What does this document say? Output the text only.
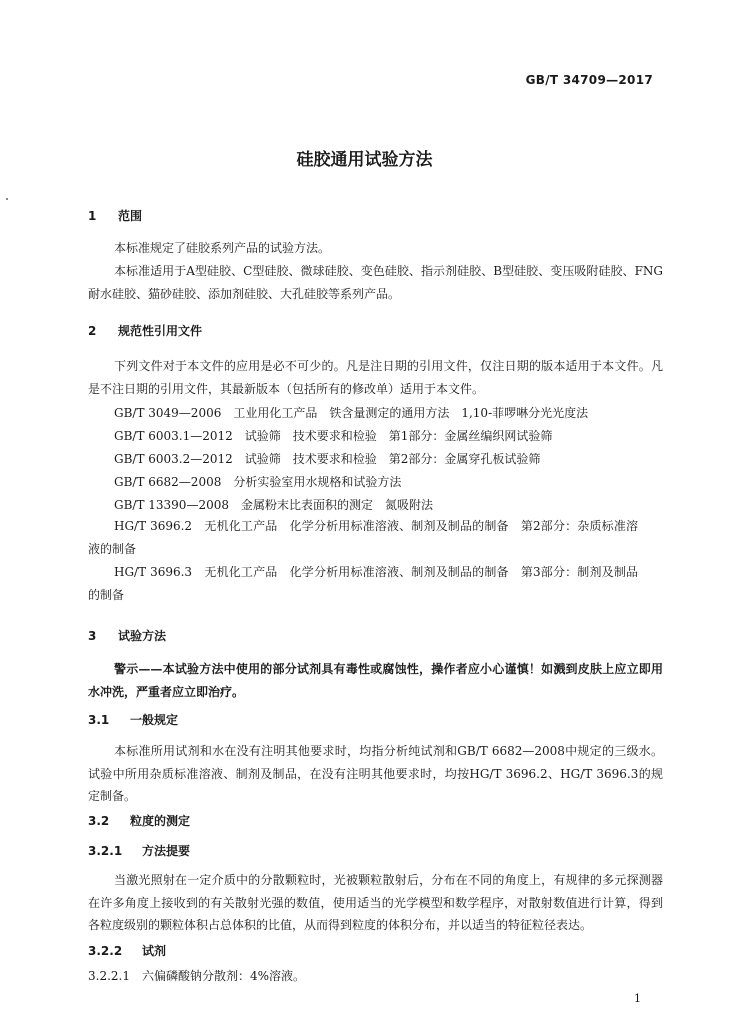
GB/T 34709—2017
硅胶通用试验方法
1 范围
本标准规定了硅胶系列产品的试验方法。
本标准适用于A型硅胶、C型硅胶、微球硅胶、变色硅胶、指示剂硅胶、B型硅胶、变压吸附硅胶、FNG耐水硅胶、猫砂硅胶、添加剂硅胶、大孔硅胶等系列产品。
2 规范性引用文件
下列文件对于本文件的应用是必不可少的。凡是注日期的引用文件，仅注日期的版本适用于本文件。凡是不注日期的引用文件，其最新版本（包括所有的修改单）适用于本文件。
GB/T 3049—2006　工业用化工产品　铁含量测定的通用方法　1,10-菲啰啉分光光度法
GB/T 6003.1—2012　试验筛　技术要求和检验　第1部分：金属丝编织网试验筛
GB/T 6003.2—2012　试验筛　技术要求和检验　第2部分：金属穿孔板试验筛
GB/T 6682—2008　分析实验室用水规格和试验方法
GB/T 13390—2008　金属粉末比表面积的测定　氮吸附法
HG/T 3696.2　无机化工产品　化学分析用标准溶液、制剂及制品的制备　第2部分：杂质标准溶液的制备
HG/T 3696.3　无机化工产品　化学分析用标准溶液、制剂及制品的制备　第3部分：制剂及制品的制备
3 试验方法
警示——本试验方法中使用的部分试剂具有毒性或腐蚀性，操作者应小心谨慎！如溅到皮肤上应立即用水冲洗，严重者应立即治疗。
3.1 一般规定
本标准所用试剂和水在没有注明其他要求时，均指分析纯试剂和GB/T 6682—2008中规定的三级水。试验中所用杂质标准溶液、制剂及制品，在没有注明其他要求时，均按HG/T 3696.2、HG/T 3696.3的规定制备。
3.2 粒度的测定
3.2.1 方法提要
当激光照射在一定介质中的分散颗粒时，光被颗粒散射后，分布在不同的角度上，有规律的多元探测器在许多角度上接收到的有关散射光强的数值，使用适当的光学模型和数学程序，对散射数值进行计算，得到各粒度级别的颗粒体积占总体积的比值，从而得到粒度的体积分布，并以适当的特征粒径表达。
3.2.2 试剂
3.2.2.1 六偏磷酸钠分散剂：4%溶液。
1
